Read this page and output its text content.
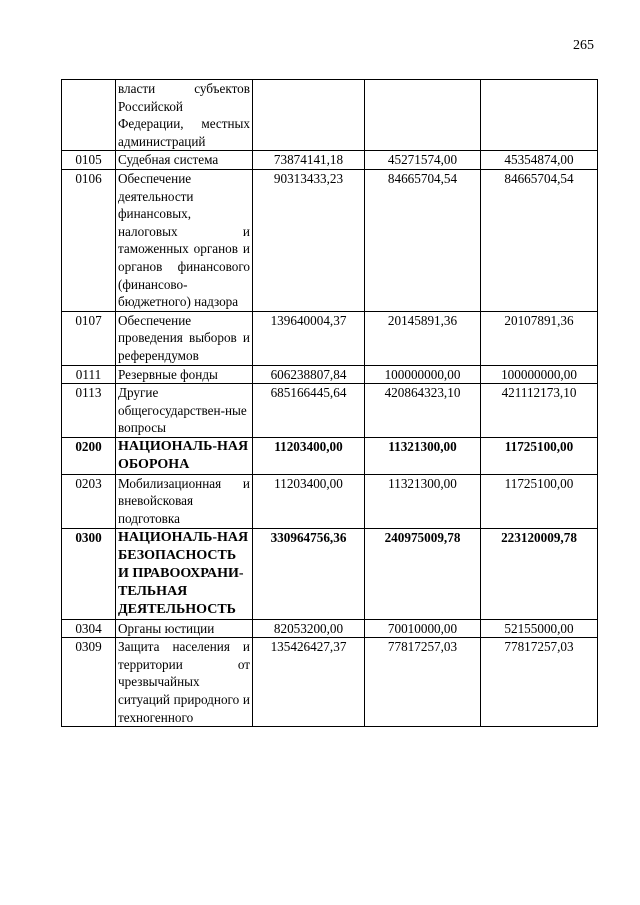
265
	власти субъектов Российской Федерации, местных администраций			
0105	Судебная система	73874141,18	45271574,00	45354874,00
0106	Обеспечение деятельности финансовых, налоговых и таможенных органов и органов финансового (финансово-бюджетного) надзора	90313433,23	84665704,54	84665704,54
0107	Обеспечение проведения выборов и референдумов	139640004,37	20145891,36	20107891,36
0111	Резервные фонды	606238807,84	100000000,00	100000000,00
0113	Другие общегосударствен-ные вопросы	685166445,64	420864323,10	421112173,10
0200	НАЦИОНАЛЬ-НАЯ ОБОРОНА	11203400,00	11321300,00	11725100,00
0203	Мобилизационная и вневойсковая подготовка	11203400,00	11321300,00	11725100,00
0300	НАЦИОНАЛЬ-НАЯ БЕЗОПАСНОСТЬ И ПРАВООХРАНИ-ТЕЛЬНАЯ ДЕЯТЕЛЬНОСТЬ	330964756,36	240975009,78	223120009,78
0304	Органы юстиции	82053200,00	70010000,00	52155000,00
0309	Защита населения и территории от чрезвычайных ситуаций природного и техногенного	135426427,37	77817257,03	77817257,03
